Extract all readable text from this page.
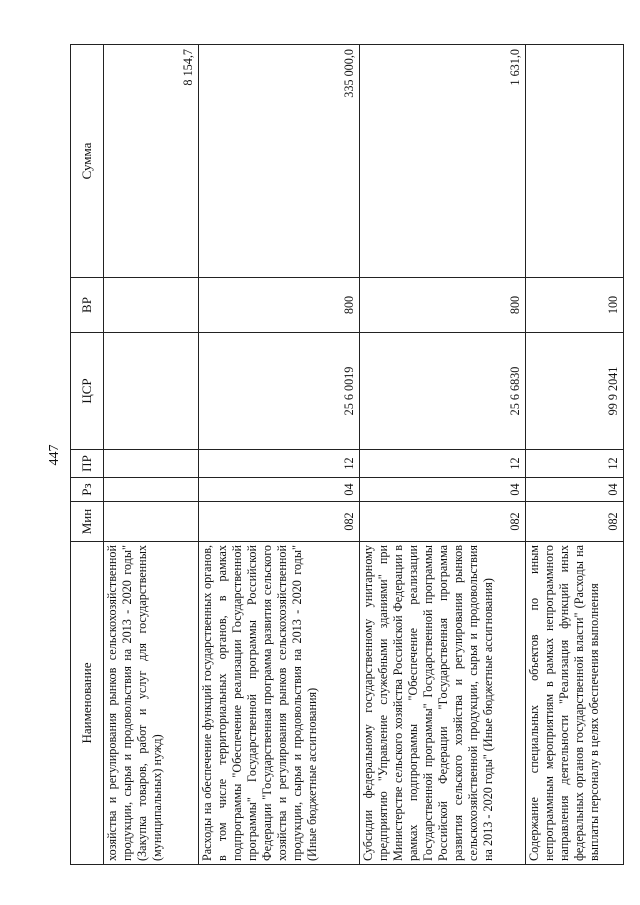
447
Наименование	Мин	Рз	ПР	ЦСР	ВР	Сумма
хозяйства и регулирования рынков сельскохозяйственной продукции, сырья и продовольствия на 2013 - 2020 годы" (Закупка товаров, работ и услуг для государственных (муниципальных) нужд)						8 154,7
Расходы на обеспечение функций государственных органов, в том числе территориальных органов, в рамках подпрограммы "Обеспечение реализации Государственной программы" Государственной программы Российской Федерации "Государственная программа развития сельского хозяйства и регулирования рынков сельскохозяйственной продукции, сырья и продовольствия на 2013 - 2020 годы" (Иные бюджетные ассигнования)	082	04	12	25 6 0019	800	335 000,0
Субсидии федеральному государственному унитарному предприятию "Управление служебными зданиями" при Министерстве сельского хозяйства Российской Федерации в рамках подпрограммы "Обеспечение реализации Государственной программы" Государственной программы Российской Федерации "Государственная программа развития сельского хозяйства и регулирования рынков сельскохозяйственной продукции, сырья и продовольствия на 2013 - 2020 годы" (Иные бюджетные ассигнования)	082	04	12	25 6 6830	800	1 631,0
Содержание специальных объектов по иным непрограммным мероприятиям в рамках непрограммного направления деятельности "Реализация функций иных федеральных органов государственной власти" (Расходы на выплаты персоналу в целях обеспечения выполнения	082	04	12	99 9 2041	100	
